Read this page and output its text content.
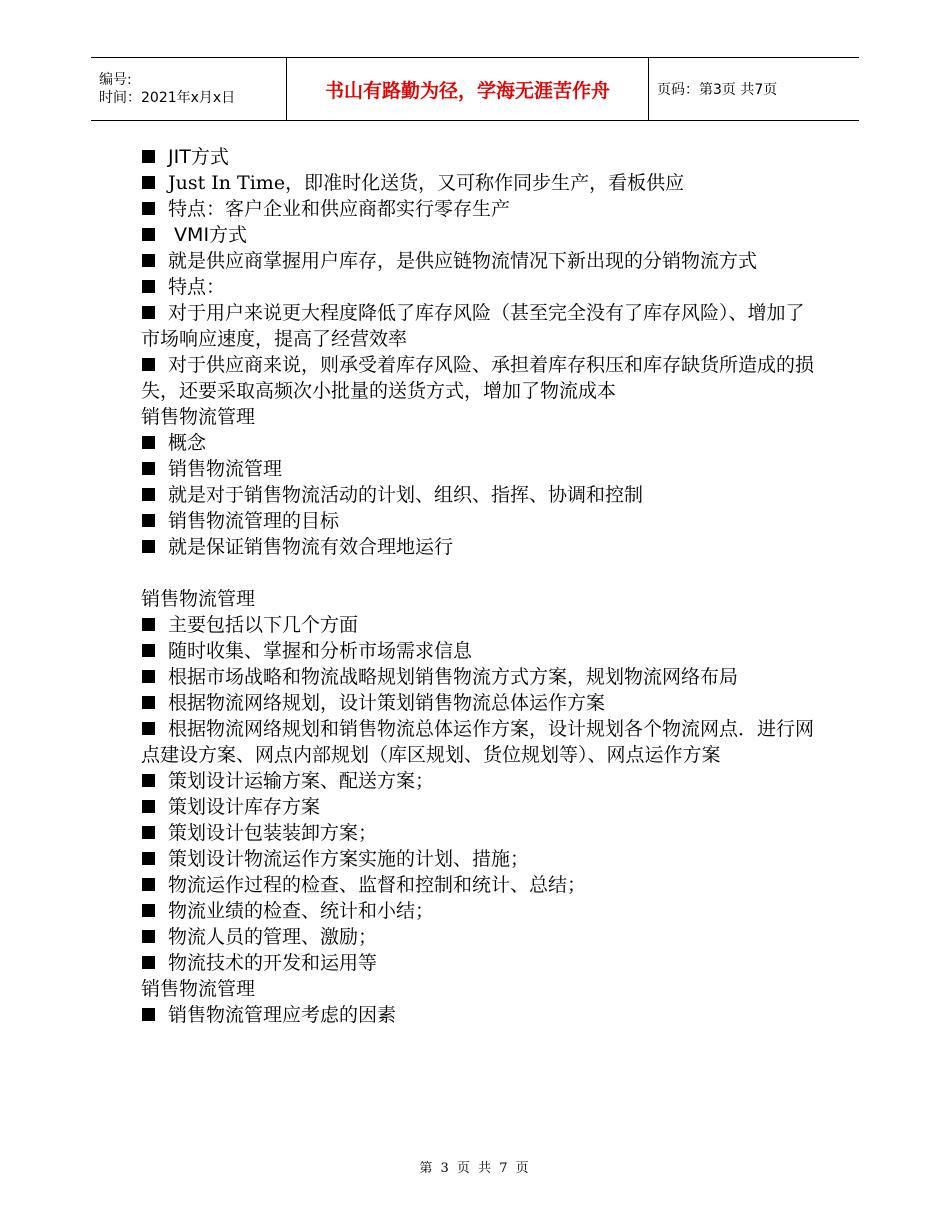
编号:
时间：2021年x月x日	书山有路勤为径，学海无涯苦作舟	页码：第3页 共7页
JIT方式
Just In Time，即准时化送货，又可称作同步生产，看板供应
特点：客户企业和供应商都实行零存生产
VMI方式
就是供应商掌握用户库存，是供应链物流情况下新出现的分销物流方式
特点：
对于用户来说更大程度降低了库存风险（甚至完全没有了库存风险）、增加了市场响应速度，提高了经营效率
对于供应商来说，则承受着库存风险、承担着库存积压和库存缺货所造成的损失，还要采取高频次小批量的送货方式，增加了物流成本
销售物流管理
概念
销售物流管理
就是对于销售物流活动的计划、组织、指挥、协调和控制
销售物流管理的目标
就是保证销售物流有效合理地运行
销售物流管理
主要包括以下几个方面
随时收集、掌握和分析市场需求信息
根据市场战略和物流战略规划销售物流方式方案，规划物流网络布局
根据物流网络规划，设计策划销售物流总体运作方案
根据物流网络规划和销售物流总体运作方案，设计规划各个物流网点．进行网点建设方案、网点内部规划（库区规划、货位规划等）、网点运作方案
策划设计运输方案、配送方案；
策划设计库存方案
策划设计包装装卸方案；
策划设计物流运作方案实施的计划、措施；
物流运作过程的检查、监督和控制和统计、总结；
物流业绩的检查、统计和小结；
物流人员的管理、激励；
物流技术的开发和运用等
销售物流管理
销售物流管理应考虑的因素
第 3 页 共 7 页
